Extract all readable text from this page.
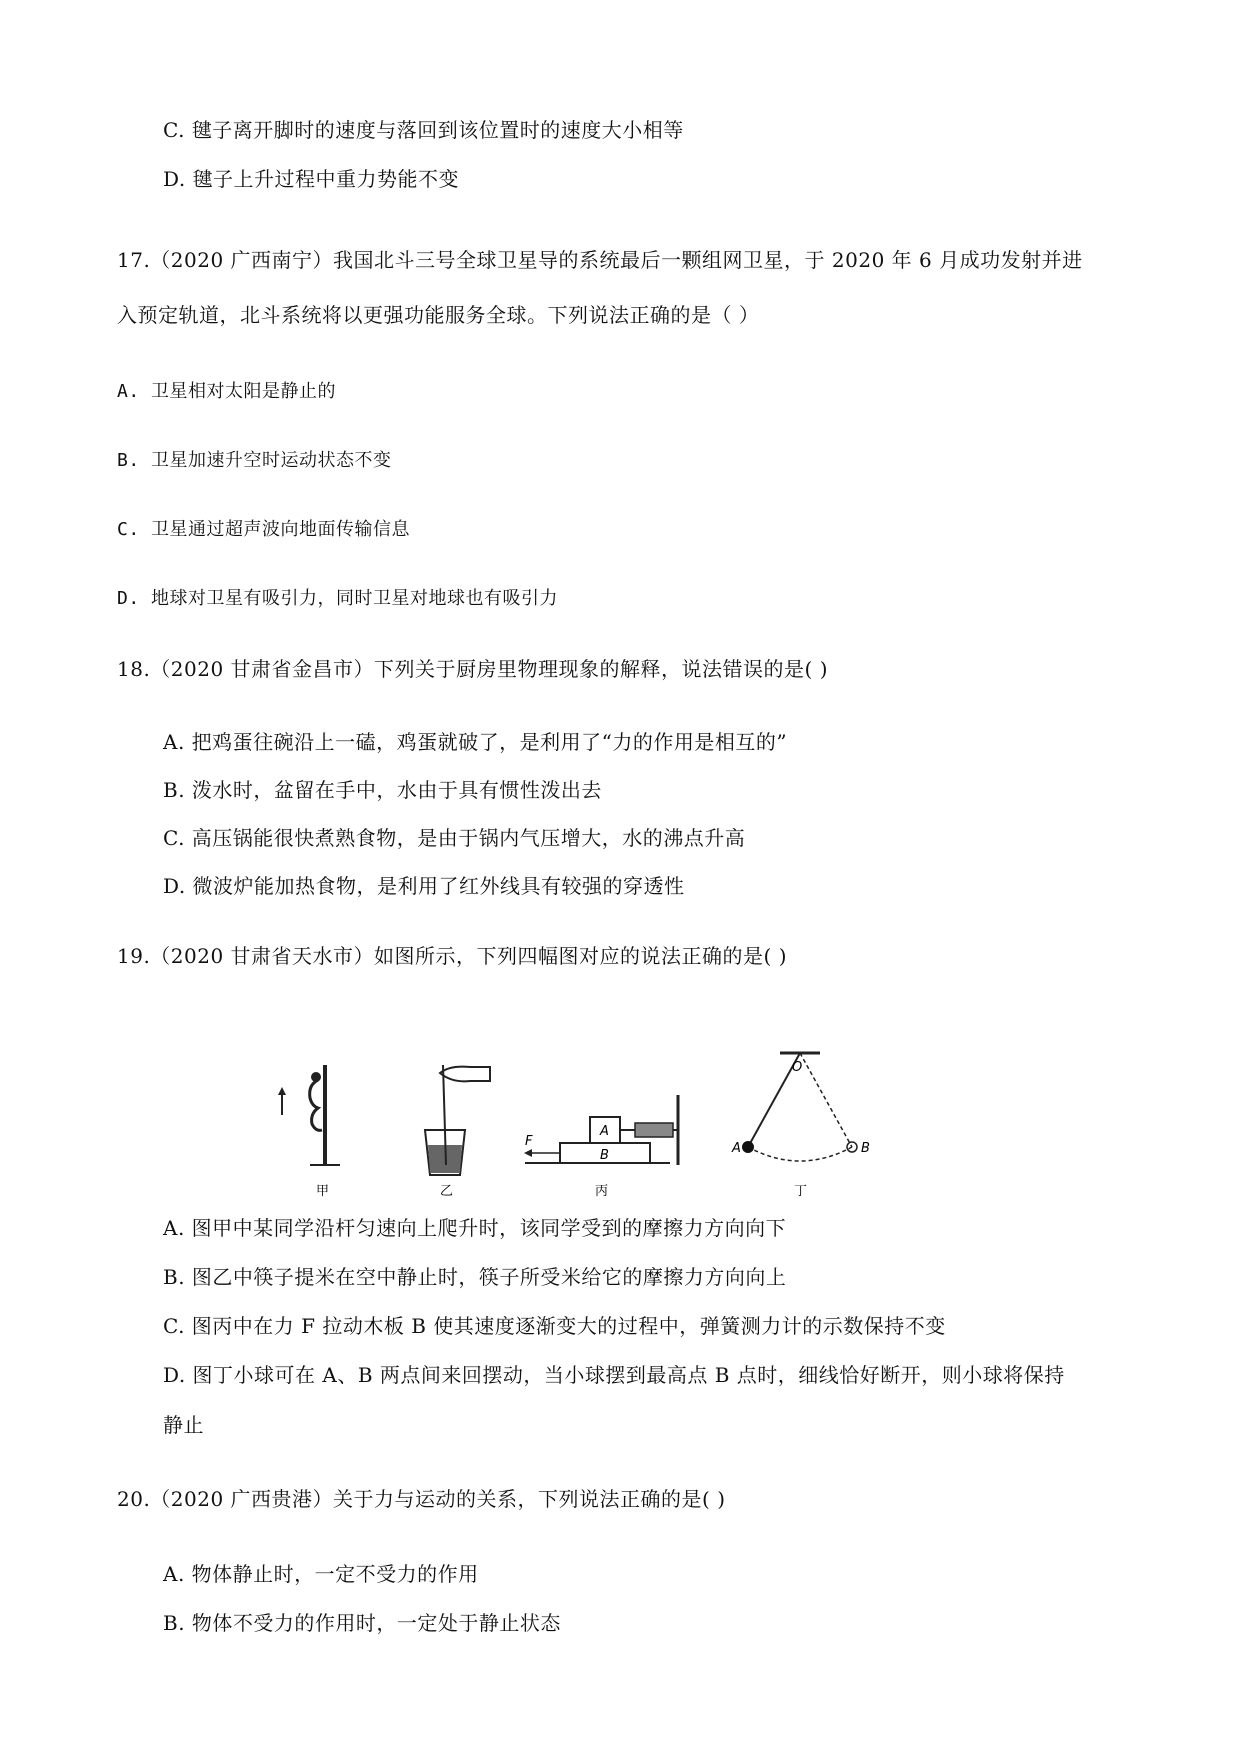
C. 毽子离开脚时的速度与落回到该位置时的速度大小相等
D. 毽子上升过程中重力势能不变
17.（2020 广西南宁）我国北斗三号全球卫星导的系统最后一颗组网卫星，于 2020 年 6 月成功发射并进
入预定轨道，北斗系统将以更强功能服务全球。下列说法正确的是（ ）
A. 卫星相对太阳是静止的
B. 卫星加速升空时运动状态不变
C. 卫星通过超声波向地面传输信息
D. 地球对卫星有吸引力，同时卫星对地球也有吸引力
18.（2020 甘肃省金昌市）下列关于厨房里物理现象的解释，说法错误的是( )
A. 把鸡蛋往碗沿上一磕，鸡蛋就破了，是利用了“力的作用是相互的”
B. 泼水时，盆留在手中，水由于具有惯性泼出去
C. 高压锅能很快煮熟食物，是由于锅内气压增大，水的沸点升高
D. 微波炉能加热食物，是利用了红外线具有较强的穿透性
19.（2020 甘肃省天水市）如图所示，下列四幅图对应的说法正确的是( )
甲	乙
F
A
B
丙
O
A	B
丁
A. 图甲中某同学沿杆匀速向上爬升时，该同学受到的摩擦力方向向下
B. 图乙中筷子提米在空中静止时，筷子所受米给它的摩擦力方向向上
C. 图丙中在力 F 拉动木板 B 使其速度逐渐变大的过程中，弹簧测力计的示数保持不变
D. 图丁小球可在 A、B 两点间来回摆动，当小球摆到最高点 B 点时，细线恰好断开，则小球将保持
静止
20.（2020 广西贵港）关于力与运动的关系，下列说法正确的是( )
A. 物体静止时，一定不受力的作用
B. 物体不受力的作用时，一定处于静止状态
